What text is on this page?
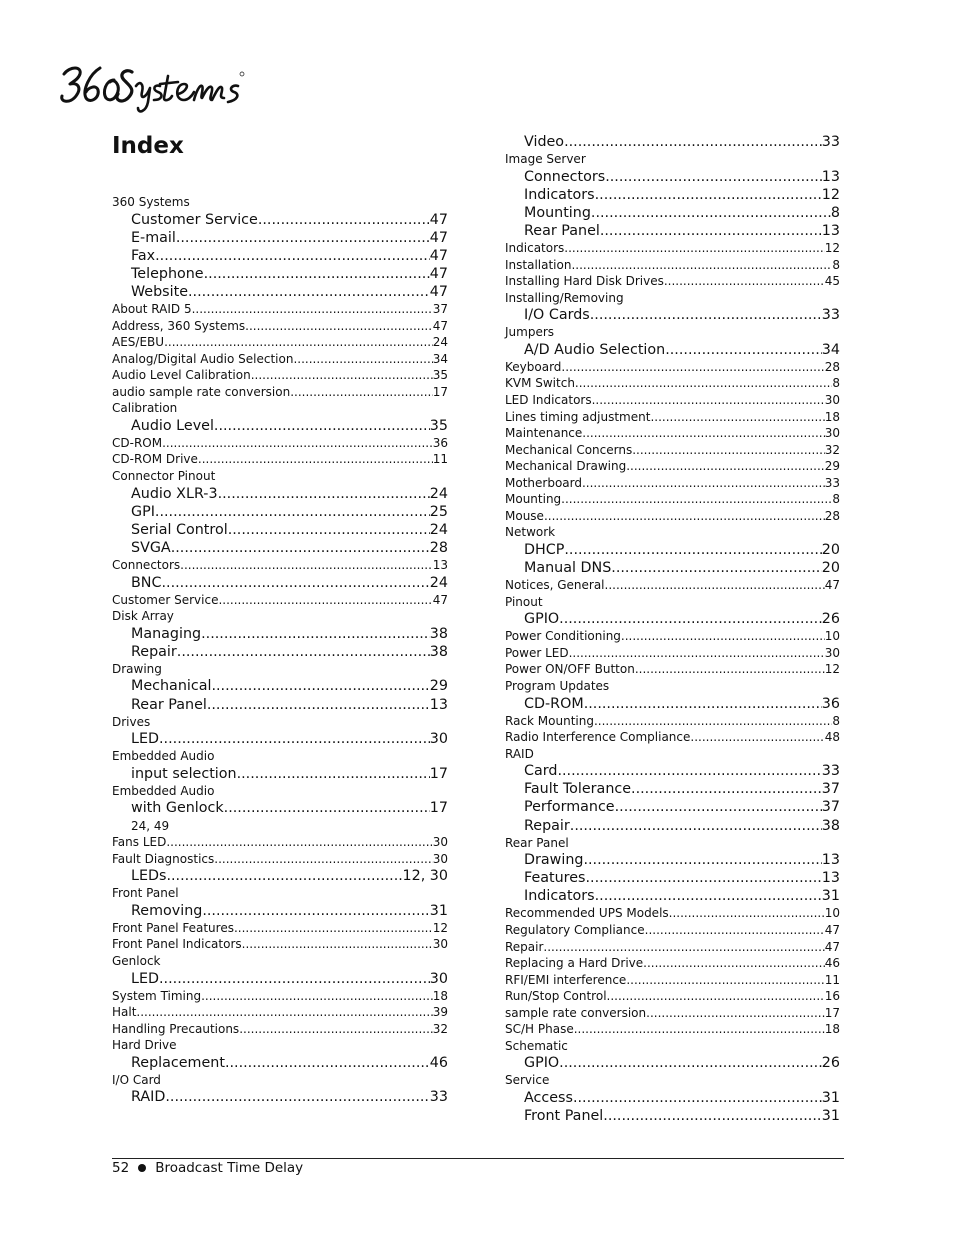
Index
360 Systems
Customer Service .....	47
E-mail .....	47
Fax .....	47
Telephone .....	47
Website .....	47
About RAID 5 .....	37
Address, 360 Systems .....	47
AES/EBU .....	24
Analog/Digital Audio Selection .....	34
Audio Level Calibration .....	35
audio sample rate conversion .....	17
Calibration
Audio Level .....	35
CD-ROM .....	36
CD-ROM Drive .....	11
Connector Pinout
Audio XLR-3 .....	24
GPI .....	25
Serial Control .....	24
SVGA .....	28
Connectors .....	13
BNC .....	24
Customer Service .....	47
Disk Array
Managing .....	38
Repair .....	38
Drawing
Mechanical .....	29
Rear Panel .....	13
Drives
LED .....	30
Embedded Audio
input selection .....	17
Embedded Audio
with Genlock .....	17
24, 49
Fans LED .....	30
Fault Diagnostics .....	30
LEDs .....	12, 30
Front Panel
Removing .....	31
Front Panel Features .....	12
Front Panel Indicators .....	30
Genlock
LED .....	30
System Timing .....	18
Halt .....	39
Handling Precautions .....	32
Hard Drive
Replacement .....	46
I/O Card
RAID .....	33
Video .....	33
Image Server
Connectors .....	13
Indicators .....	12
Mounting .....	8
Rear Panel .....	13
Indicators .....	12
Installation .....	8
Installing Hard Disk Drives .....	45
Installing/Removing
I/O Cards .....	33
Jumpers
A/D Audio Selection .....	34
Keyboard .....	28
KVM Switch .....	8
LED Indicators .....	30
Lines timing adjustment .....	18
Maintenance .....	30
Mechanical Concerns .....	32
Mechanical Drawing .....	29
Motherboard .....	33
Mounting .....	8
Mouse .....	28
Network
DHCP .....	20
Manual DNS .....	20
Notices, General .....	47
Pinout
GPIO .....	26
Power Conditioning .....	10
Power LED .....	30
Power ON/OFF Button .....	12
Program Updates
CD-ROM .....	36
Rack Mounting .....	8
Radio Interference Compliance .....	48
RAID
Card .....	33
Fault Tolerance .....	37
Performance .....	37
Repair .....	38
Rear Panel
Drawing .....	13
Features .....	13
Indicators .....	31
Recommended UPS Models .....	10
Regulatory Compliance .....	47
Repair .....	47
Replacing a Hard Drive .....	46
RFI/EMI interference .....	11
Run/Stop Control .....	16
sample rate conversion .....	17
SC/H Phase .....	18
Schematic
GPIO .....	26
Service
Access .....	31
Front Panel .....	31
52 Broadcast Time Delay
